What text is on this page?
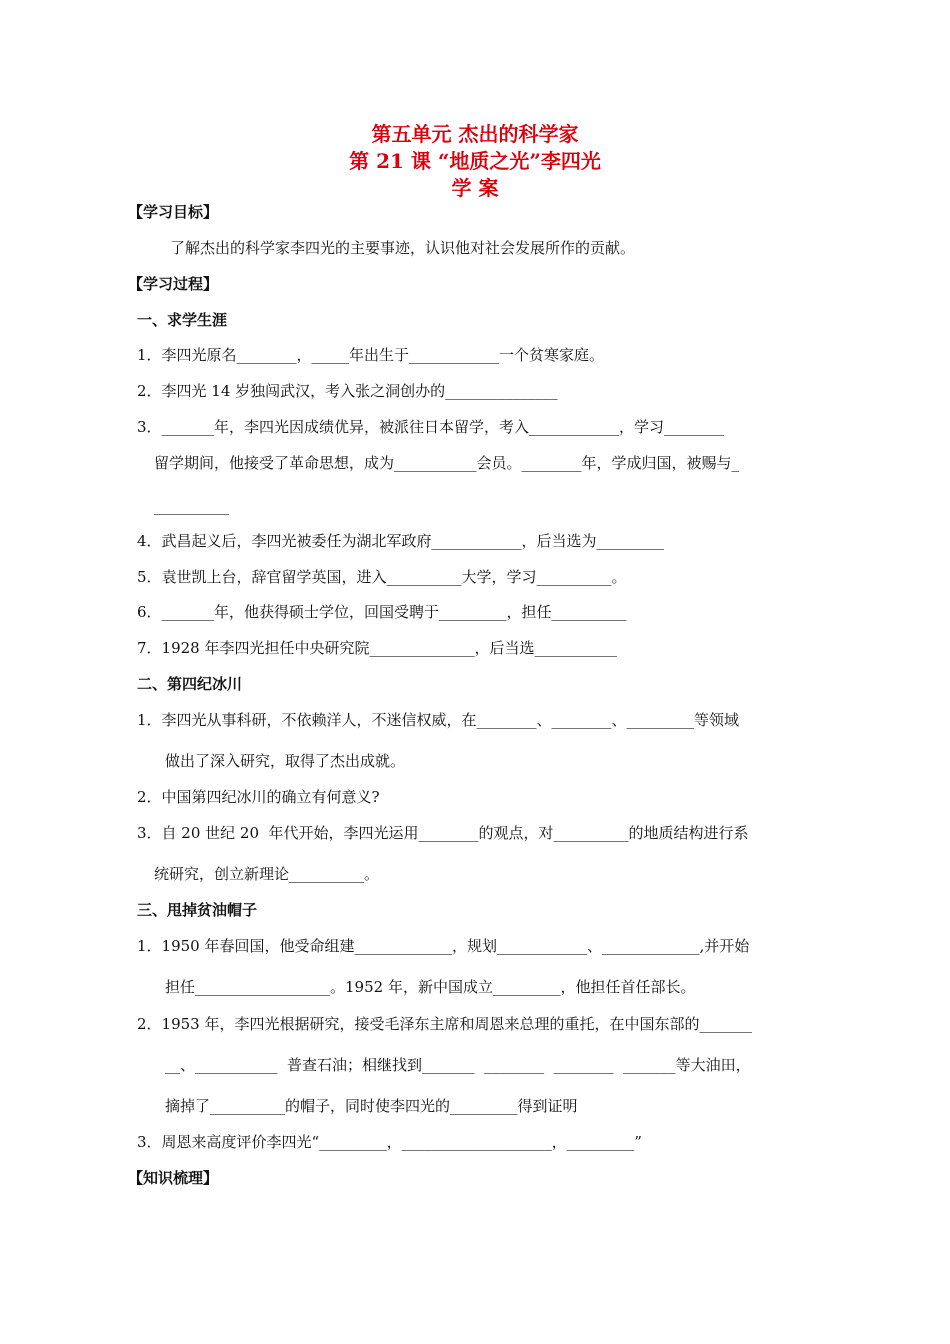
第五单元 杰出的科学家
第 21 课 “地质之光”李四光
学 案

【学习目标】

了解杰出的科学家李四光的主要事迹，认识他对社会发展所作的贡献。

【学习过程】

一、求学生涯

1．李四光原名________，_____年出生于____________一个贫寒家庭。

2．李四光 14 岁独闯武汉，考入张之洞创办的_______________

3．_______年，李四光因成绩优异，被派往日本留学，考入____________，学习________

留学期间，他接受了革命思想，成为___________会员。________年，学成归国，被赐与_

__________

4．武昌起义后，李四光被委任为湖北军政府____________，后当选为_________

5．袁世凯上台，辞官留学英国，进入__________大学，学习__________。

6．_______年，他获得硕士学位，回国受聘于_________，担任__________

7．1928 年李四光担任中央研究院______________，后当选___________

二、第四纪冰川

1．李四光从事科研，不依赖洋人，不迷信权威，在________、________、_________等领域

做出了深入研究，取得了杰出成就。

2．中国第四纪冰川的确立有何意义?

3．自 20 世纪 20  年代开始，李四光运用________的观点，对__________的地质结构进行系

统研究，创立新理论__________。

三、甩掉贫油帽子

1．1950 年春回国，他受命组建_____________，规划____________、_____________,并开始

担任__________________。1952 年，新中国成立_________，他担任首任部长。

2．1953 年，李四光根据研究，接受毛泽东主席和周恩来总理的重托，在中国东部的_______

__、___________  普查石油；相继找到_______  ________  ________  _______等大油田，

摘掉了__________的帽子，同时使李四光的_________得到证明

3．周恩来高度评价李四光“_________，____________________，_________”

【知识梳理】
